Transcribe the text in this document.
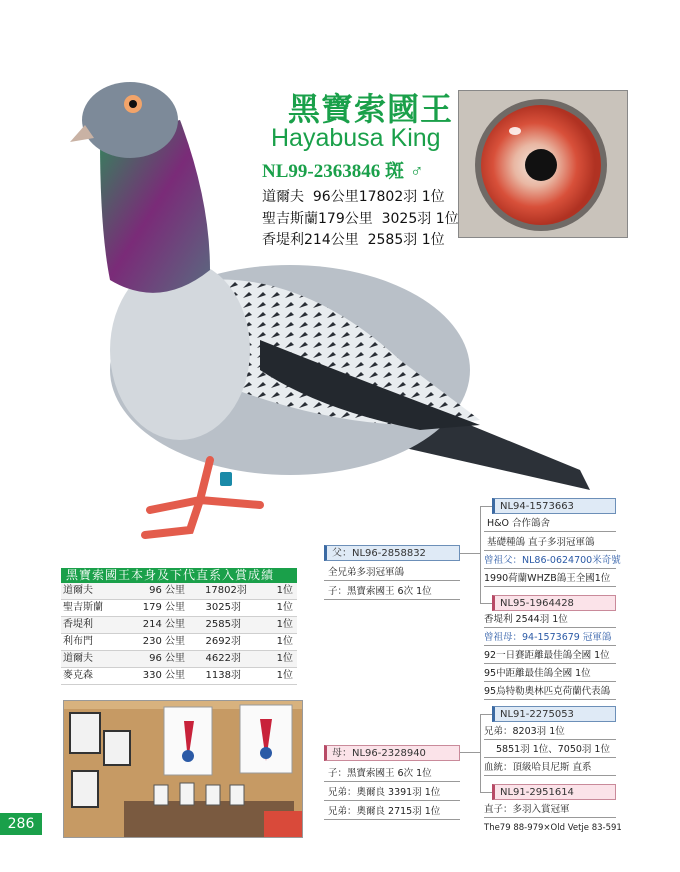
黑寶索國王
Hayabusa King
NL99-2363846 斑 ♂
道爾夫  96公里17802羽 1位
聖吉斯蘭179公里  3025羽 1位
香堤利214公里  2585羽 1位
黑寶索國王本身及下代直系入賞成績
道爾夫	96 公里 17802羽	1位
聖吉斯蘭	179 公里 3025羽	1位
香堤利	214 公里 2585羽	1位
利布門	230 公里 2692羽	1位
道爾夫	96 公里 4622羽	1位
麥克森	330 公里 1138羽	1位
286
父：NL96-2858832
全兄弟多羽冠軍鴿
子：黑寶索國王 6次 1位
母：NL96-2328940
子：黑寶索國王 6次 1位
兄弟：奧爾良 3391羽 1位
兄弟：奧爾良 2715羽 1位
NL94-1573663
H&O 合作鴿舍
基礎種鴿 直子多羽冠軍鴿
曾祖父：NL86-0624700米奇號
1990荷蘭WHZB鴿王全國1位
NL95-1964428
香堤利 2544羽 1位
曾祖母：94-1573679 冠軍鴿
92一日賽距離最佳鴿全國 1位
95中距離最佳鴿全國 1位
95烏特勒奧林匹克荷蘭代表鴿
NL91-2275053
兄弟：8203羽 1位
5851羽 1位、7050羽 1位
血統：頂級哈貝尼斯 直系
NL91-2951614
直子：多羽入賞冠軍
The79 88-979×Old Vetje 83-591
